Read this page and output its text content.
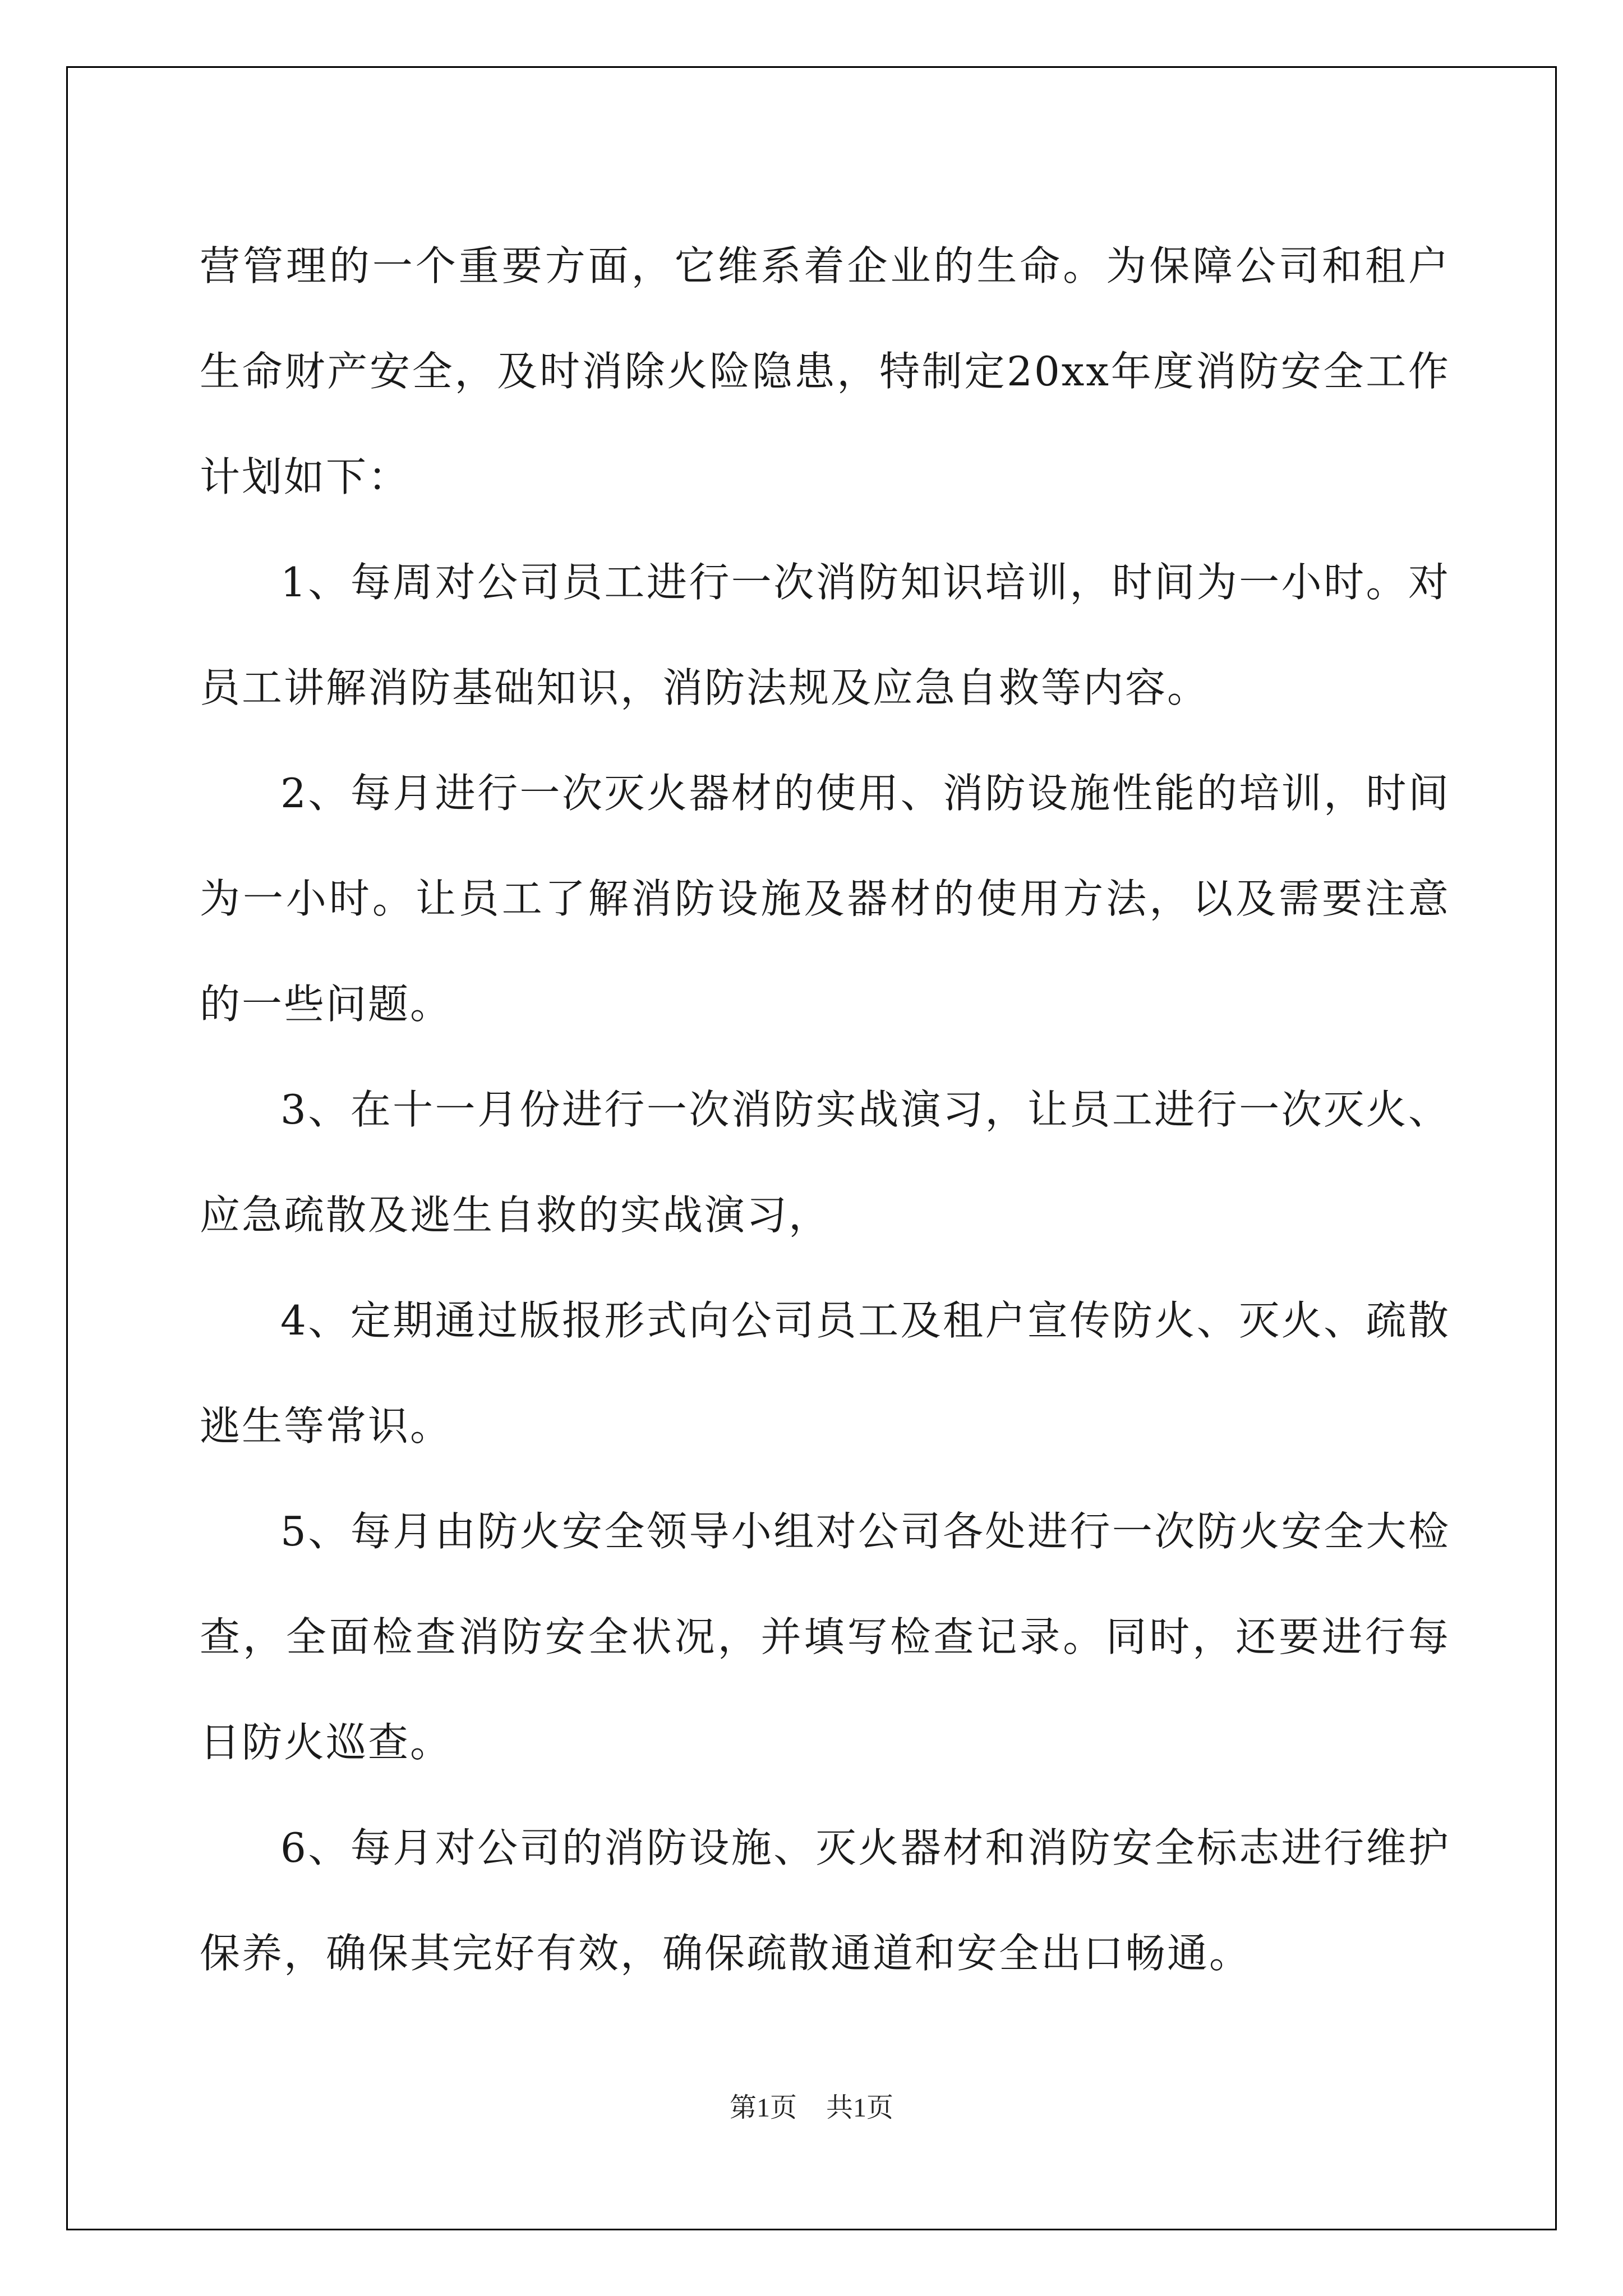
营管理的一个重要方面，它维系着企业的生命。为保障公司和租户生命财产安全，及时消除火险隐患，特制定20xx年度消防安全工作计划如下：

1、每周对公司员工进行一次消防知识培训，时间为一小时。对员工讲解消防基础知识，消防法规及应急自救等内容。

2、每月进行一次灭火器材的使用、消防设施性能的培训，时间为一小时。让员工了解消防设施及器材的使用方法，以及需要注意的一些问题。

3、在十一月份进行一次消防实战演习，让员工进行一次灭火、应急疏散及逃生自救的实战演习，

4、定期通过版报形式向公司员工及租户宣传防火、灭火、疏散逃生等常识。

5、每月由防火安全领导小组对公司各处进行一次防火安全大检查，全面检查消防安全状况，并填写检查记录。同时，还要进行每日防火巡查。

6、每月对公司的消防设施、灭火器材和消防安全标志进行维护保养，确保其完好有效，确保疏散通道和安全出口畅通。

第1页 共1页
